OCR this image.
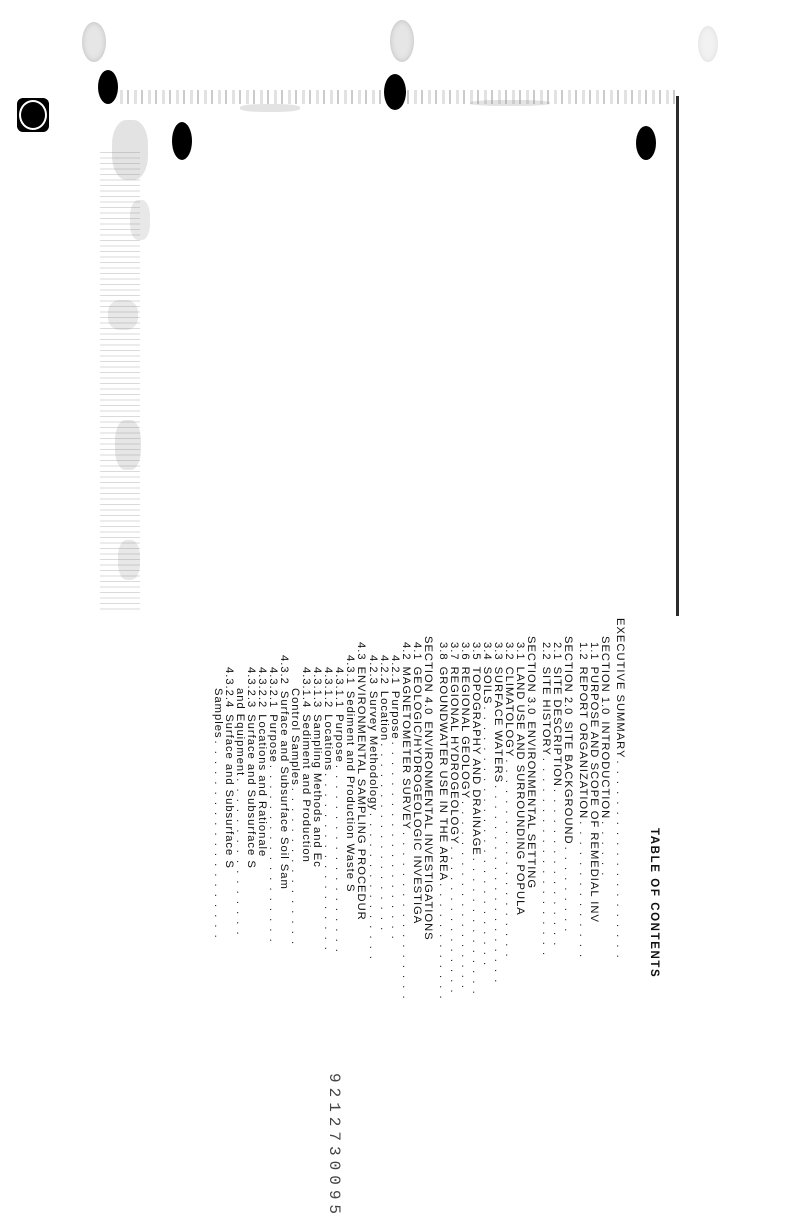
TABLE OF CONTENTS
9212730095
EXECUTIVE SUMMARY. . . . . . . . . . . . . . . . . . . .
SECTION 1.0INTRODUCTION. . . . . .
1.1PURPOSE AND SCOPE OF REMEDIAL INV
1.2REPORT ORGANIZATION. . . . . . . . . . . . . .
SECTION 2.0SITE BACKGROUND. . . . . . . . .
2.1SITE DESCRIPTION. . . . . . . . . . . . . . . .
2.2SITE HISTORY. . . . . . . . . . . . . . . . . . . .
SECTION 3.0ENVIRONMENTAL SETTING
3.1LAND USE AND SURROUNDING POPULA
3.2CLIMATOLOGY. . . . . . . . . . . . . . . . . . . .
3.3SURFACE WATERS. . . . . . . . . . . . . . . . . . . .
3.4SOILS. . . . . . . . . . . . . . . . . . . . . . . . . .
3.5TOPOGRAPHY AND DRAINAGE. . . . . . . . . . . . . .
3.6REGIONAL GEOLOGY. . . . . . . . . . . . . . . . . . .
3.7REGIONAL HYDROGEOLOGY. . . . . . . . . . . . . . .
3.8GROUNDWATER USE IN THE AREA. . . . . . . . . . . .
SECTION 4.0ENVIRONMENTAL INVESTIGATIONS
4.1GEOLOGIC/HYDROGEOLOGIC INVESTIGA
4.2MAGNETOMETER SURVEY. . . . . . . . . . . . . . . . .
4.2.1Purpose. . . . . . . . . . . . . . . . . . . .
4.2.2Location. . . . . . . . . . . . . . . . . . .
4.2.3Survey Methodology. . . . . . . . . . . . . . .
4.3ENVIRONMENTAL SAMPLING PROCEDUR
4.3.1Sediment and Production Waste S
4.3.1.1Purpose. . . . . . . . . . . . . . . . . . .
4.3.1.2Locations. . . . . . . . . . . . . . . . . .
4.3.1.3Sampling Methods and Ec
4.3.1.4Sediment and Production
Control Samples. . . . . . . . . . . . . . . .
4.3.2Surface and Subsurface Soil Sam
4.3.2.1Purpose. . . . . . . . . . . . . . . . . .
4.3.2.2Locations and Rationale
4.3.2.3Surface and Subsurface S
and Equipment. . . . . . . . . . . . . . . .
4.3.2.4Surface and Subsurface S
Samples. . . . . . . . . . . . . . . . . . . .
